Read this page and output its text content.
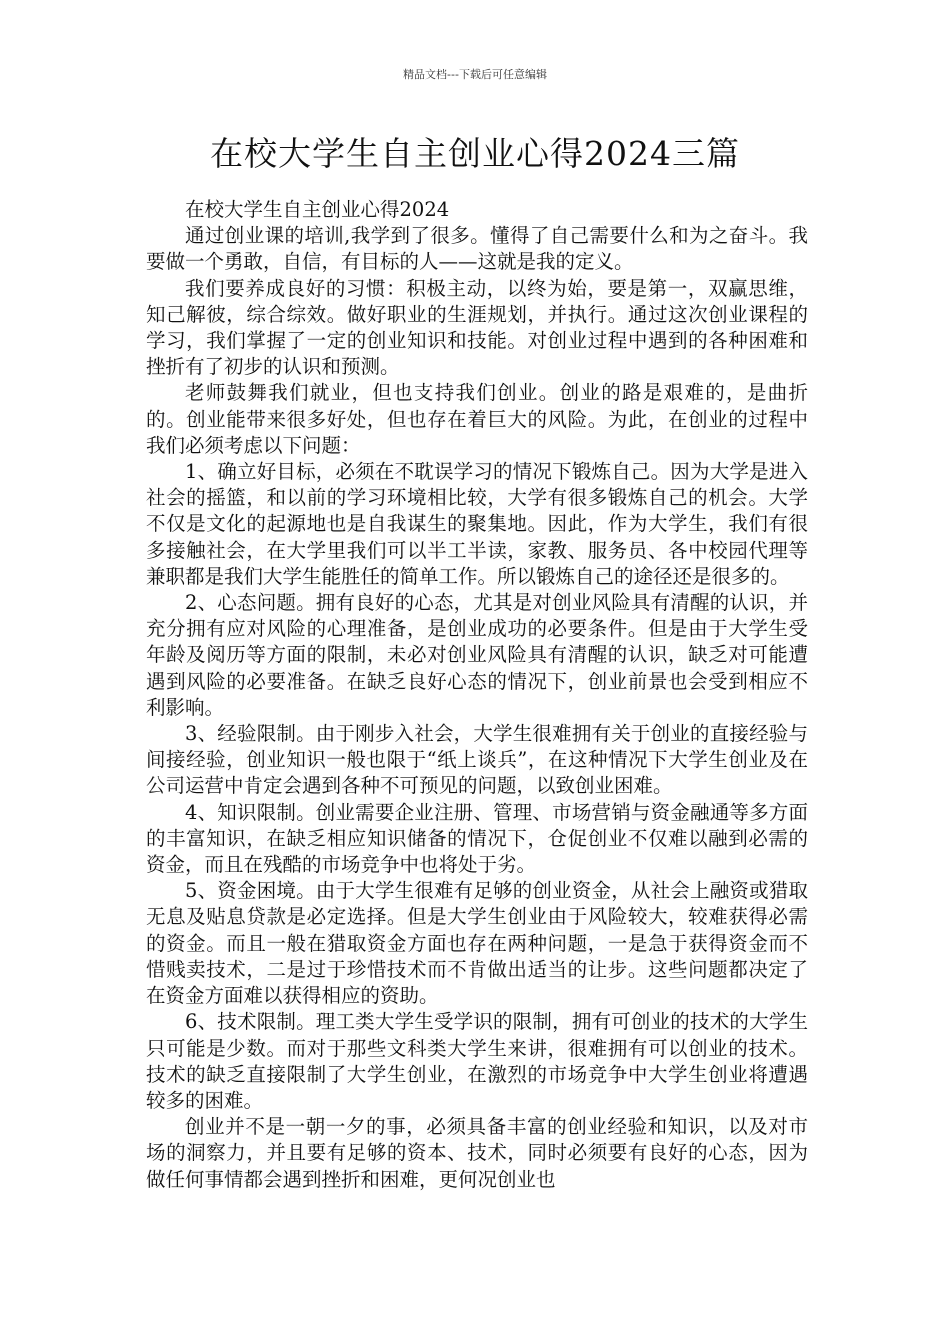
精品文档---下载后可任意编辑
在校大学生自主创业心得2024三篇

在校大学生自主创业心得2024

通过创业课的培训,我学到了很多。懂得了自己需要什么和为之奋斗。我要做一个勇敢，自信，有目标的人——这就是我的定义。

我们要养成良好的习惯：积极主动，以终为始，要是第一，双赢思维，知己解彼，综合综效。做好职业的生涯规划，并执行。通过这次创业课程的学习，我们掌握了一定的创业知识和技能。对创业过程中遇到的各种困难和挫折有了初步的认识和预测。

老师鼓舞我们就业，但也支持我们创业。创业的路是艰难的，是曲折的。创业能带来很多好处，但也存在着巨大的风险。为此，在创业的过程中我们必须考虑以下问题：

1、确立好目标，必须在不耽误学习的情况下锻炼自己。因为大学是进入社会的摇篮，和以前的学习环境相比较，大学有很多锻炼自己的机会。大学不仅是文化的起源地也是自我谋生的聚集地。因此，作为大学生，我们有很多接触社会，在大学里我们可以半工半读，家教、服务员、各中校园代理等兼职都是我们大学生能胜任的简单工作。所以锻炼自己的途径还是很多的。

2、心态问题。拥有良好的心态，尤其是对创业风险具有清醒的认识，并充分拥有应对风险的心理准备，是创业成功的必要条件。但是由于大学生受年龄及阅历等方面的限制，未必对创业风险具有清醒的认识，缺乏对可能遭遇到风险的必要准备。在缺乏良好心态的情况下，创业前景也会受到相应不利影响。

3、经验限制。由于刚步入社会，大学生很难拥有关于创业的直接经验与间接经验，创业知识一般也限于“纸上谈兵”，在这种情况下大学生创业及在公司运营中肯定会遇到各种不可预见的问题，以致创业困难。

4、知识限制。创业需要企业注册、管理、市场营销与资金融通等多方面的丰富知识，在缺乏相应知识储备的情况下，仓促创业不仅难以融到必需的资金，而且在残酷的市场竞争中也将处于劣。

5、资金困境。由于大学生很难有足够的创业资金，从社会上融资或猎取无息及贴息贷款是必定选择。但是大学生创业由于风险较大，较难获得必需的资金。而且一般在猎取资金方面也存在两种问题，一是急于获得资金而不惜贱卖技术，二是过于珍惜技术而不肯做出适当的让步。这些问题都决定了在资金方面难以获得相应的资助。

6、技术限制。理工类大学生受学识的限制，拥有可创业的技术的大学生只可能是少数。而对于那些文科类大学生来讲，很难拥有可以创业的技术。技术的缺乏直接限制了大学生创业，在激烈的市场竞争中大学生创业将遭遇较多的困难。

创业并不是一朝一夕的事，必须具备丰富的创业经验和知识，以及对市场的洞察力，并且要有足够的资本、技术，同时必须要有良好的心态，因为做任何事情都会遇到挫折和困难，更何况创业也
